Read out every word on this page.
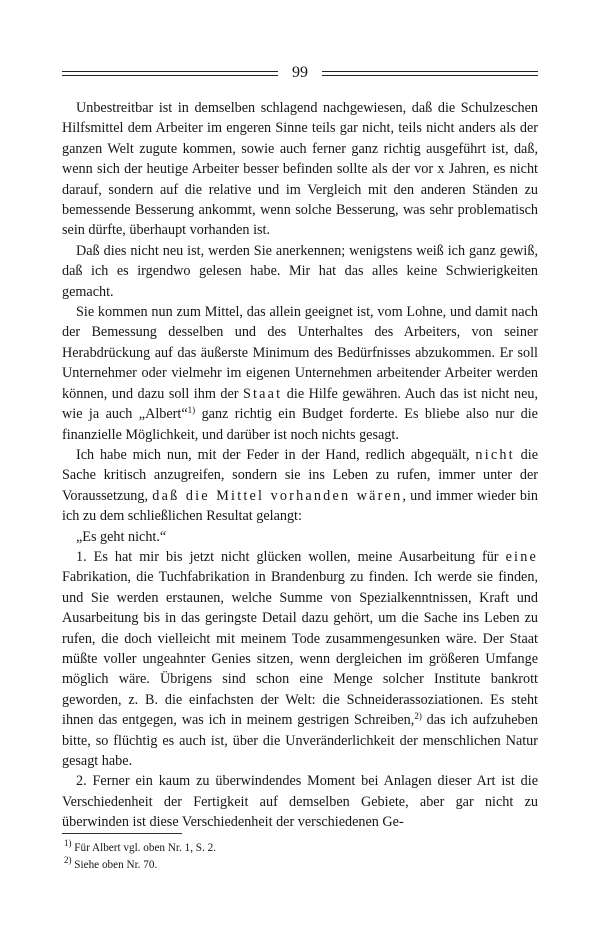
99

Unbestreitbar ist in demselben schlagend nachgewiesen, daß die Schulzeschen Hilfsmittel dem Arbeiter im engeren Sinne teils gar nicht, teils nicht anders als der ganzen Welt zugute kommen, sowie auch ferner ganz richtig ausgeführt ist, daß, wenn sich der heutige Arbeiter besser befinden sollte als der vor x Jahren, es nicht darauf, sondern auf die relative und im Vergleich mit den anderen Ständen zu bemessende Besserung ankommt, wenn solche Besserung, was sehr problematisch sein dürfte, überhaupt vorhanden ist.

Daß dies nicht neu ist, werden Sie anerkennen; wenigstens weiß ich ganz gewiß, daß ich es irgendwo gelesen habe. Mir hat das alles keine Schwierigkeiten gemacht.

Sie kommen nun zum Mittel, das allein geeignet ist, vom Lohne, und damit nach der Bemessung desselben und des Unterhaltes des Arbeiters, von seiner Herabdrückung auf das äußerste Minimum des Bedürfnisses abzukommen. Er soll Unternehmer oder vielmehr im eigenen Unternehmen arbeitender Arbeiter werden können, und dazu soll ihm der Staat die Hilfe gewähren. Auch das ist nicht neu, wie ja auch „Albert“$^{1)}$ ganz richtig ein Budget forderte. Es bliebe also nur die finanzielle Möglichkeit, und darüber ist noch nichts gesagt.

Ich habe mich nun, mit der Feder in der Hand, redlich abgequält, nicht die Sache kritisch anzugreifen, sondern sie ins Leben zu rufen, immer unter der Voraussetzung, daß die Mittel vorhanden wären, und immer wieder bin ich zu dem schließlichen Resultat gelangt:

„Es geht nicht.“

1. Es hat mir bis jetzt nicht glücken wollen, meine Ausarbeitung für eine Fabrikation, die Tuchfabrikation in Brandenburg zu finden. Ich werde sie finden, und Sie werden erstaunen, welche Summe von Spezialkenntnissen, Kraft und Ausarbeitung bis in das geringste Detail dazu gehört, um die Sache ins Leben zu rufen, die doch vielleicht mit meinem Tode zusammengesunken wäre. Der Staat müßte voller ungeahnter Genies sitzen, wenn dergleichen im größeren Umfange möglich wäre. Übrigens sind schon eine Menge solcher Institute bankrott geworden, z. B. die einfachsten der Welt: die Schneiderassoziationen. Es steht ihnen das entgegen, was ich in meinem gestrigen Schreiben,$^{2)}$ das ich aufzuheben bitte, so flüchtig es auch ist, über die Unveränderlichkeit der menschlichen Natur gesagt habe.

2. Ferner ein kaum zu überwindendes Moment bei Anlagen dieser Art ist die Verschiedenheit der Fertigkeit auf demselben Gebiete, aber gar nicht zu überwinden ist diese Verschiedenheit der verschiedenen Ge-

$^{1)}$ Für Albert vgl. oben Nr. 1, S. 2.

$^{2)}$ Siehe oben Nr. 70.
